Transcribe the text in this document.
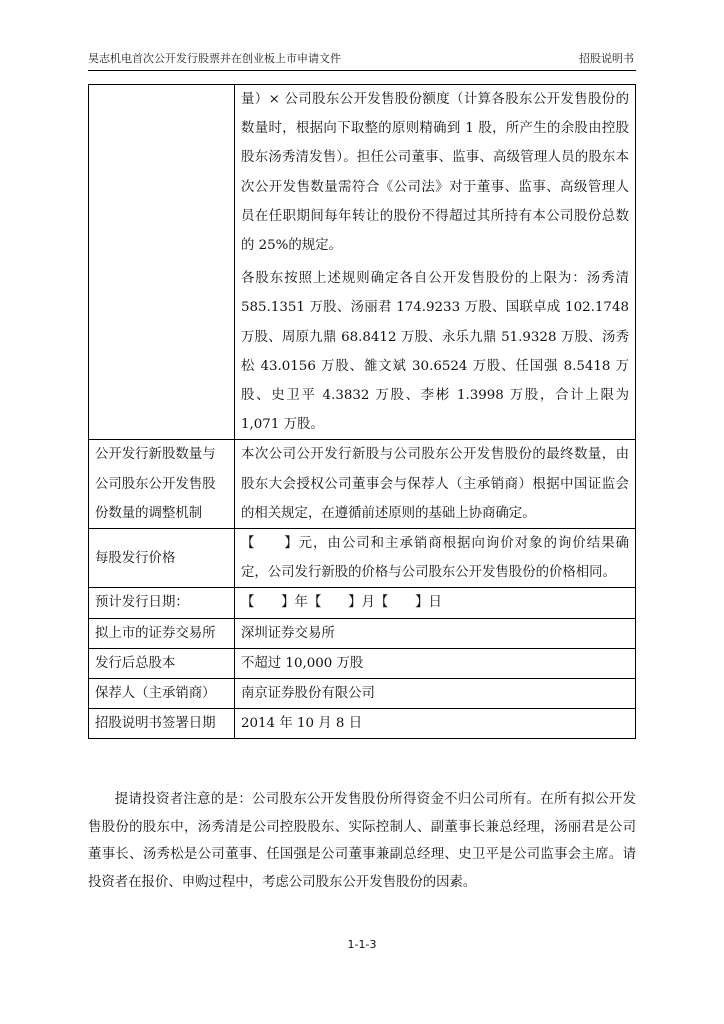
昊志机电首次公开发行股票并在创业板上市申请文件	招股说明书

	量）× 公司股东公开发售股份额度（计算各股东公开发售股份的数量时，根据向下取整的原则精确到 1 股，所产生的余股由控股股东汤秀清发售）。担任公司董事、监事、高级管理人员的股东本次公开发售数量需符合《公司法》对于董事、监事、高级管理人员在任职期间每年转让的股份不得超过其所持有本公司股份总数的 25%的规定。

各股东按照上述规则确定各自公开发售股份的上限为：汤秀清 585.1351 万股、汤丽君 174.9233 万股、国联卓成 102.1748 万股、周原九鼎 68.8412 万股、永乐九鼎 51.9328 万股、汤秀松 43.0156 万股、雒文斌 30.6524 万股、任国强 8.5418 万股、史卫平 4.3832 万股、李彬 1.3998 万股，合计上限为 1,071 万股。

公开发行新股数量与公司股东公开发售股份数量的调整机制	本次公司公开发行新股与公司股东公开发售股份的最终数量，由股东大会授权公司董事会与保荐人（主承销商）根据中国证监会的相关规定，在遵循前述原则的基础上协商确定。
每股发行价格	【　　】元，由公司和主承销商根据向询价对象的询价结果确定，公司发行新股的价格与公司股东公开发售股份的价格相同。
预计发行日期：	【　　】年【　　】月【　　】日
拟上市的证券交易所	深圳证券交易所
发行后总股本	不超过 10,000 万股
保荐人（主承销商）	南京证券股份有限公司
招股说明书签署日期	2014 年 10 月 8 日

提请投资者注意的是：公司股东公开发售股份所得资金不归公司所有。在所有拟公开发售股份的股东中，汤秀清是公司控股股东、实际控制人、副董事长兼总经理，汤丽君是公司董事长、汤秀松是公司董事、任国强是公司董事兼副总经理、史卫平是公司监事会主席。请投资者在报价、申购过程中，考虑公司股东公开发售股份的因素。

1-1-3
